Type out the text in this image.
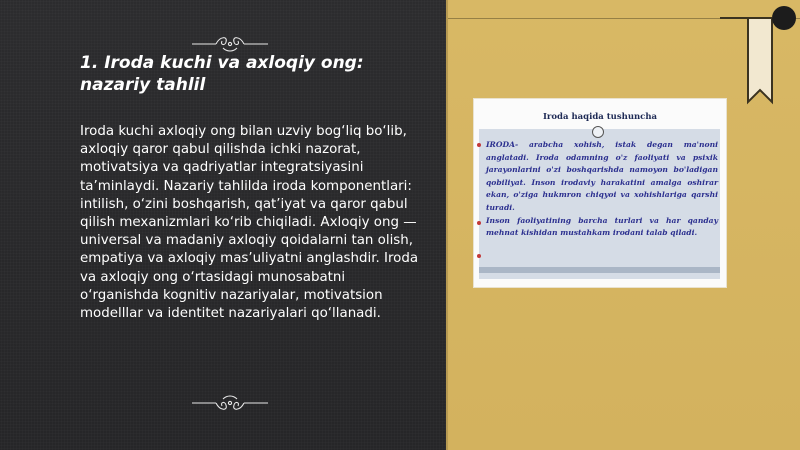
1. Iroda kuchi va axloqiy ong: nazariy tahlil

Iroda kuchi axloqiy ong bilan uzviy bog‘liq bo‘lib, axloqiy qaror qabul qilishda ichki nazorat, motivatsiya va qadriyatlar integratsiyasini ta’minlaydi. Nazariy tahlilda iroda komponentlari: intilish, o‘zini boshqarish, qat’iyat va qaror qabul qilish mexanizmlari ko‘rib chiqiladi. Axloqiy ong — universal va madaniy axloqiy qoidalarni tan olish, empatiya va axloqiy mas’uliyatni anglashdir. Iroda va axloqiy ong o‘rtasidagi munosabatni o‘rganishda kognitiv nazariyalar, motivatsion modelllar va identitet nazariyalari qo‘llanadi.

Iroda haqida tushuncha

IRODA- arabcha xohish, istak degan ma'noni anglatadi. Iroda odamning o'z faoliyati va psixik jarayonlarini o'zi boshqarishda namoyon bo'ladigan qobiliyat. Inson irodaviy harakatini amalga oshirar ekan, o'ziga hukmron chiqyoi va xohishlariga qarshi turadi.

Inson faoliyatining barcha turlari va har qanday mehnat kishidan mustahkam irodani talab qiladi.
